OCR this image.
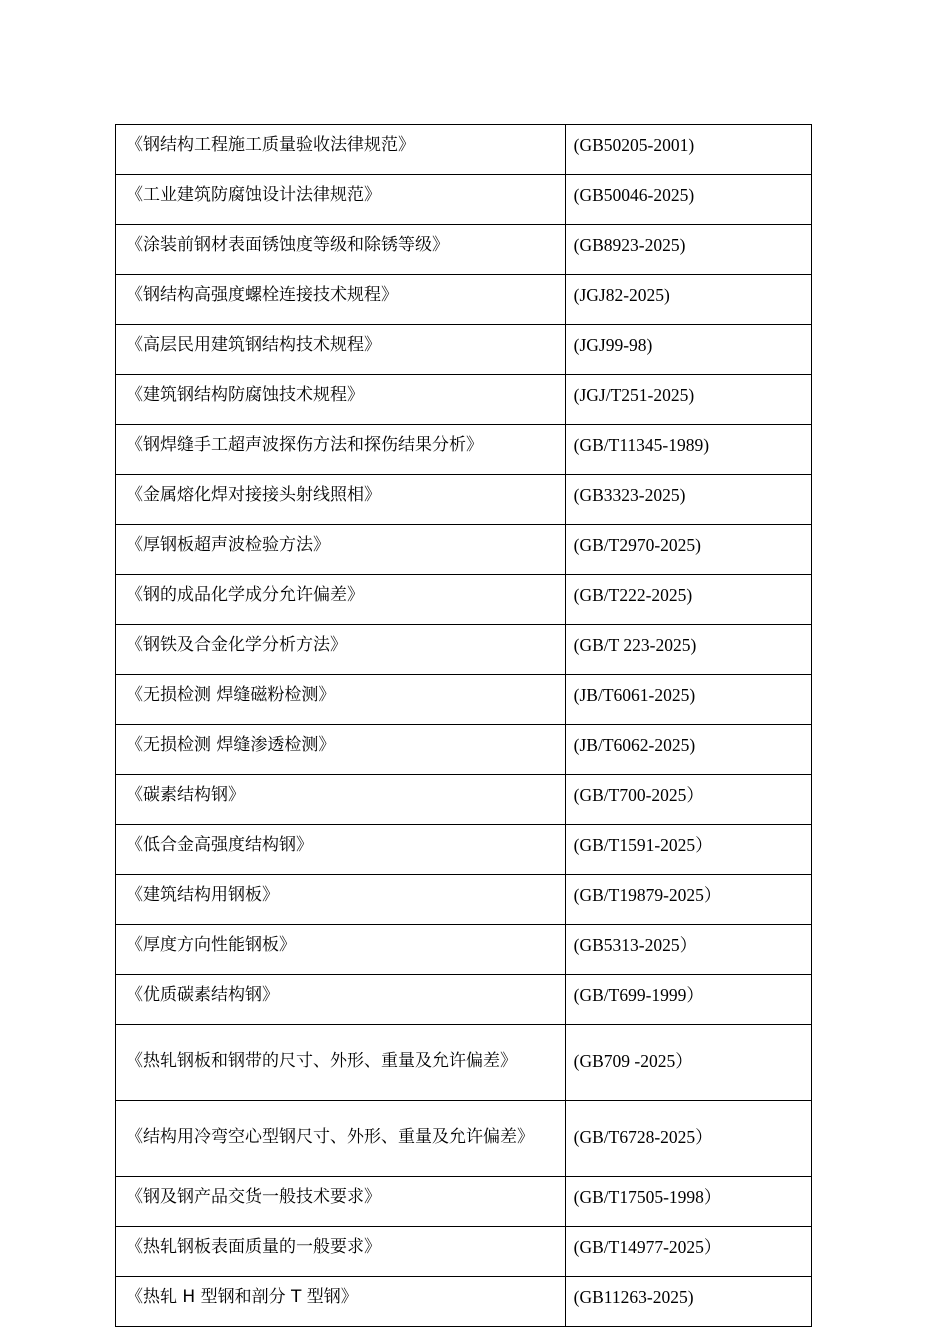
《钢结构工程施工质量验收法律规范》	(GB50205-2001)
《工业建筑防腐蚀设计法律规范》	(GB50046-2025)
《涂装前钢材表面锈蚀度等级和除锈等级》	(GB8923-2025)
《钢结构高强度螺栓连接技术规程》	(JGJ82-2025)
《高层民用建筑钢结构技术规程》	(JGJ99-98)
《建筑钢结构防腐蚀技术规程》	(JGJ/T251-2025)
《钢焊缝手工超声波探伤方法和探伤结果分析》	(GB/T11345-1989)
《金属熔化焊对接接头射线照相》	(GB3323-2025)
《厚钢板超声波检验方法》	(GB/T2970-2025)
《钢的成品化学成分允许偏差》	(GB/T222-2025)
《钢铁及合金化学分析方法》	(GB/T 223-2025)
《无损检测 焊缝磁粉检测》	(JB/T6061-2025)
《无损检测 焊缝渗透检测》	(JB/T6062-2025)
《碳素结构钢》	(GB/T700-2025）
《低合金高强度结构钢》	(GB/T1591-2025）
《建筑结构用钢板》	(GB/T19879-2025）
《厚度方向性能钢板》	(GB5313-2025）
《优质碳素结构钢》	(GB/T699-1999）
《热轧钢板和钢带的尺寸、外形、重量及允许偏差》	(GB709 -2025）
《结构用冷弯空心型钢尺寸、外形、重量及允许偏差》	(GB/T6728-2025）
《钢及钢产品交货一般技术要求》	(GB/T17505-1998）
《热轧钢板表面质量的一般要求》	(GB/T14977-2025）
《热轧 H 型钢和剖分 T 型钢》	(GB11263-2025)
